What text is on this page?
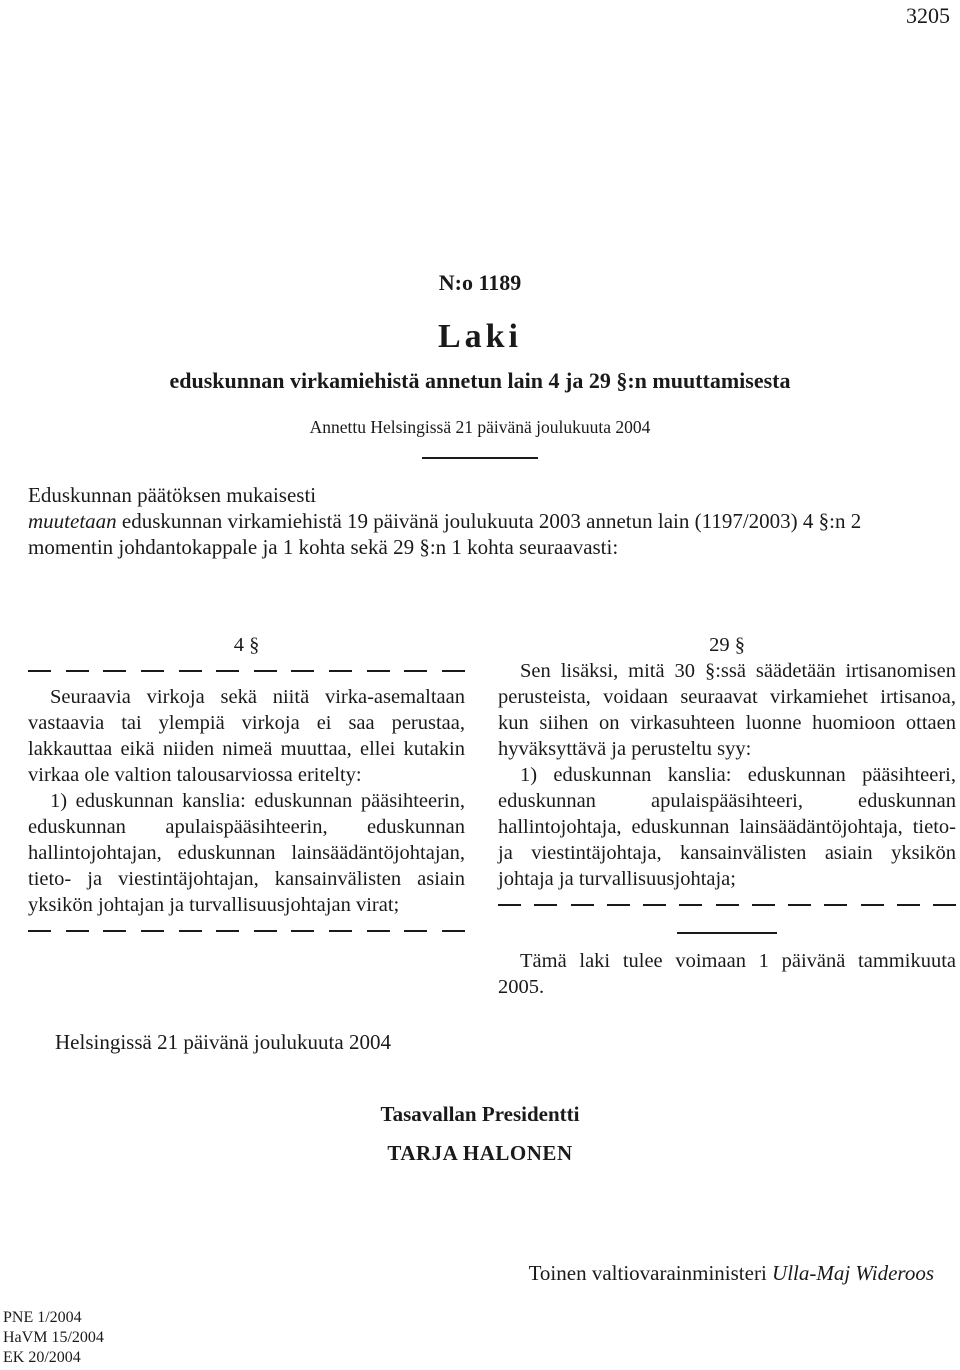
3205
N:o 1189
Laki
eduskunnan virkamiehistä annetun lain 4 ja 29 §:n muuttamisesta
Annettu Helsingissä 21 päivänä joulukuuta 2004
Eduskunnan päätöksen mukaisesti
muutetaan eduskunnan virkamiehistä 19 päivänä joulukuuta 2003 annetun lain (1197/2003) 4 §:n 2 momentin johdantokappale ja 1 kohta sekä 29 §:n 1 kohta seuraavasti:

4 §

Seuraavia virkoja sekä niitä virka-asemaltaan vastaavia tai ylempiä virkoja ei saa perustaa, lakkauttaa eikä niiden nimeä muuttaa, ellei kutakin virkaa ole valtion talousarviossa eritelty:

1) eduskunnan kanslia: eduskunnan pääsihteerin, eduskunnan apulaispääsihteerin, eduskunnan hallintojohtajan, eduskunnan lainsäädäntöjohtajan, tieto- ja viestintäjohtajan, kansainvälisten asiain yksikön johtajan ja turvallisuusjohtajan virat;

29 §

Sen lisäksi, mitä 30 §:ssä säädetään irtisanomisen perusteista, voidaan seuraavat virkamiehet irtisanoa, kun siihen on virkasuhteen luonne huomioon ottaen hyväksyttävä ja perusteltu syy:

1) eduskunnan kanslia: eduskunnan pääsihteeri, eduskunnan apulaispääsihteeri, eduskunnan hallintojohtaja, eduskunnan lainsäädäntöjohtaja, tieto- ja viestintäjohtaja, kansainvälisten asiain yksikön johtaja ja turvallisuusjohtaja;

Tämä laki tulee voimaan 1 päivänä tammikuuta 2005.

Helsingissä 21 päivänä joulukuuta 2004
Tasavallan Presidentti
TARJA HALONEN
Toinen valtiovarainministeri Ulla-Maj Wideroos
PNE 1/2004
HaVM 15/2004
EK 20/2004
